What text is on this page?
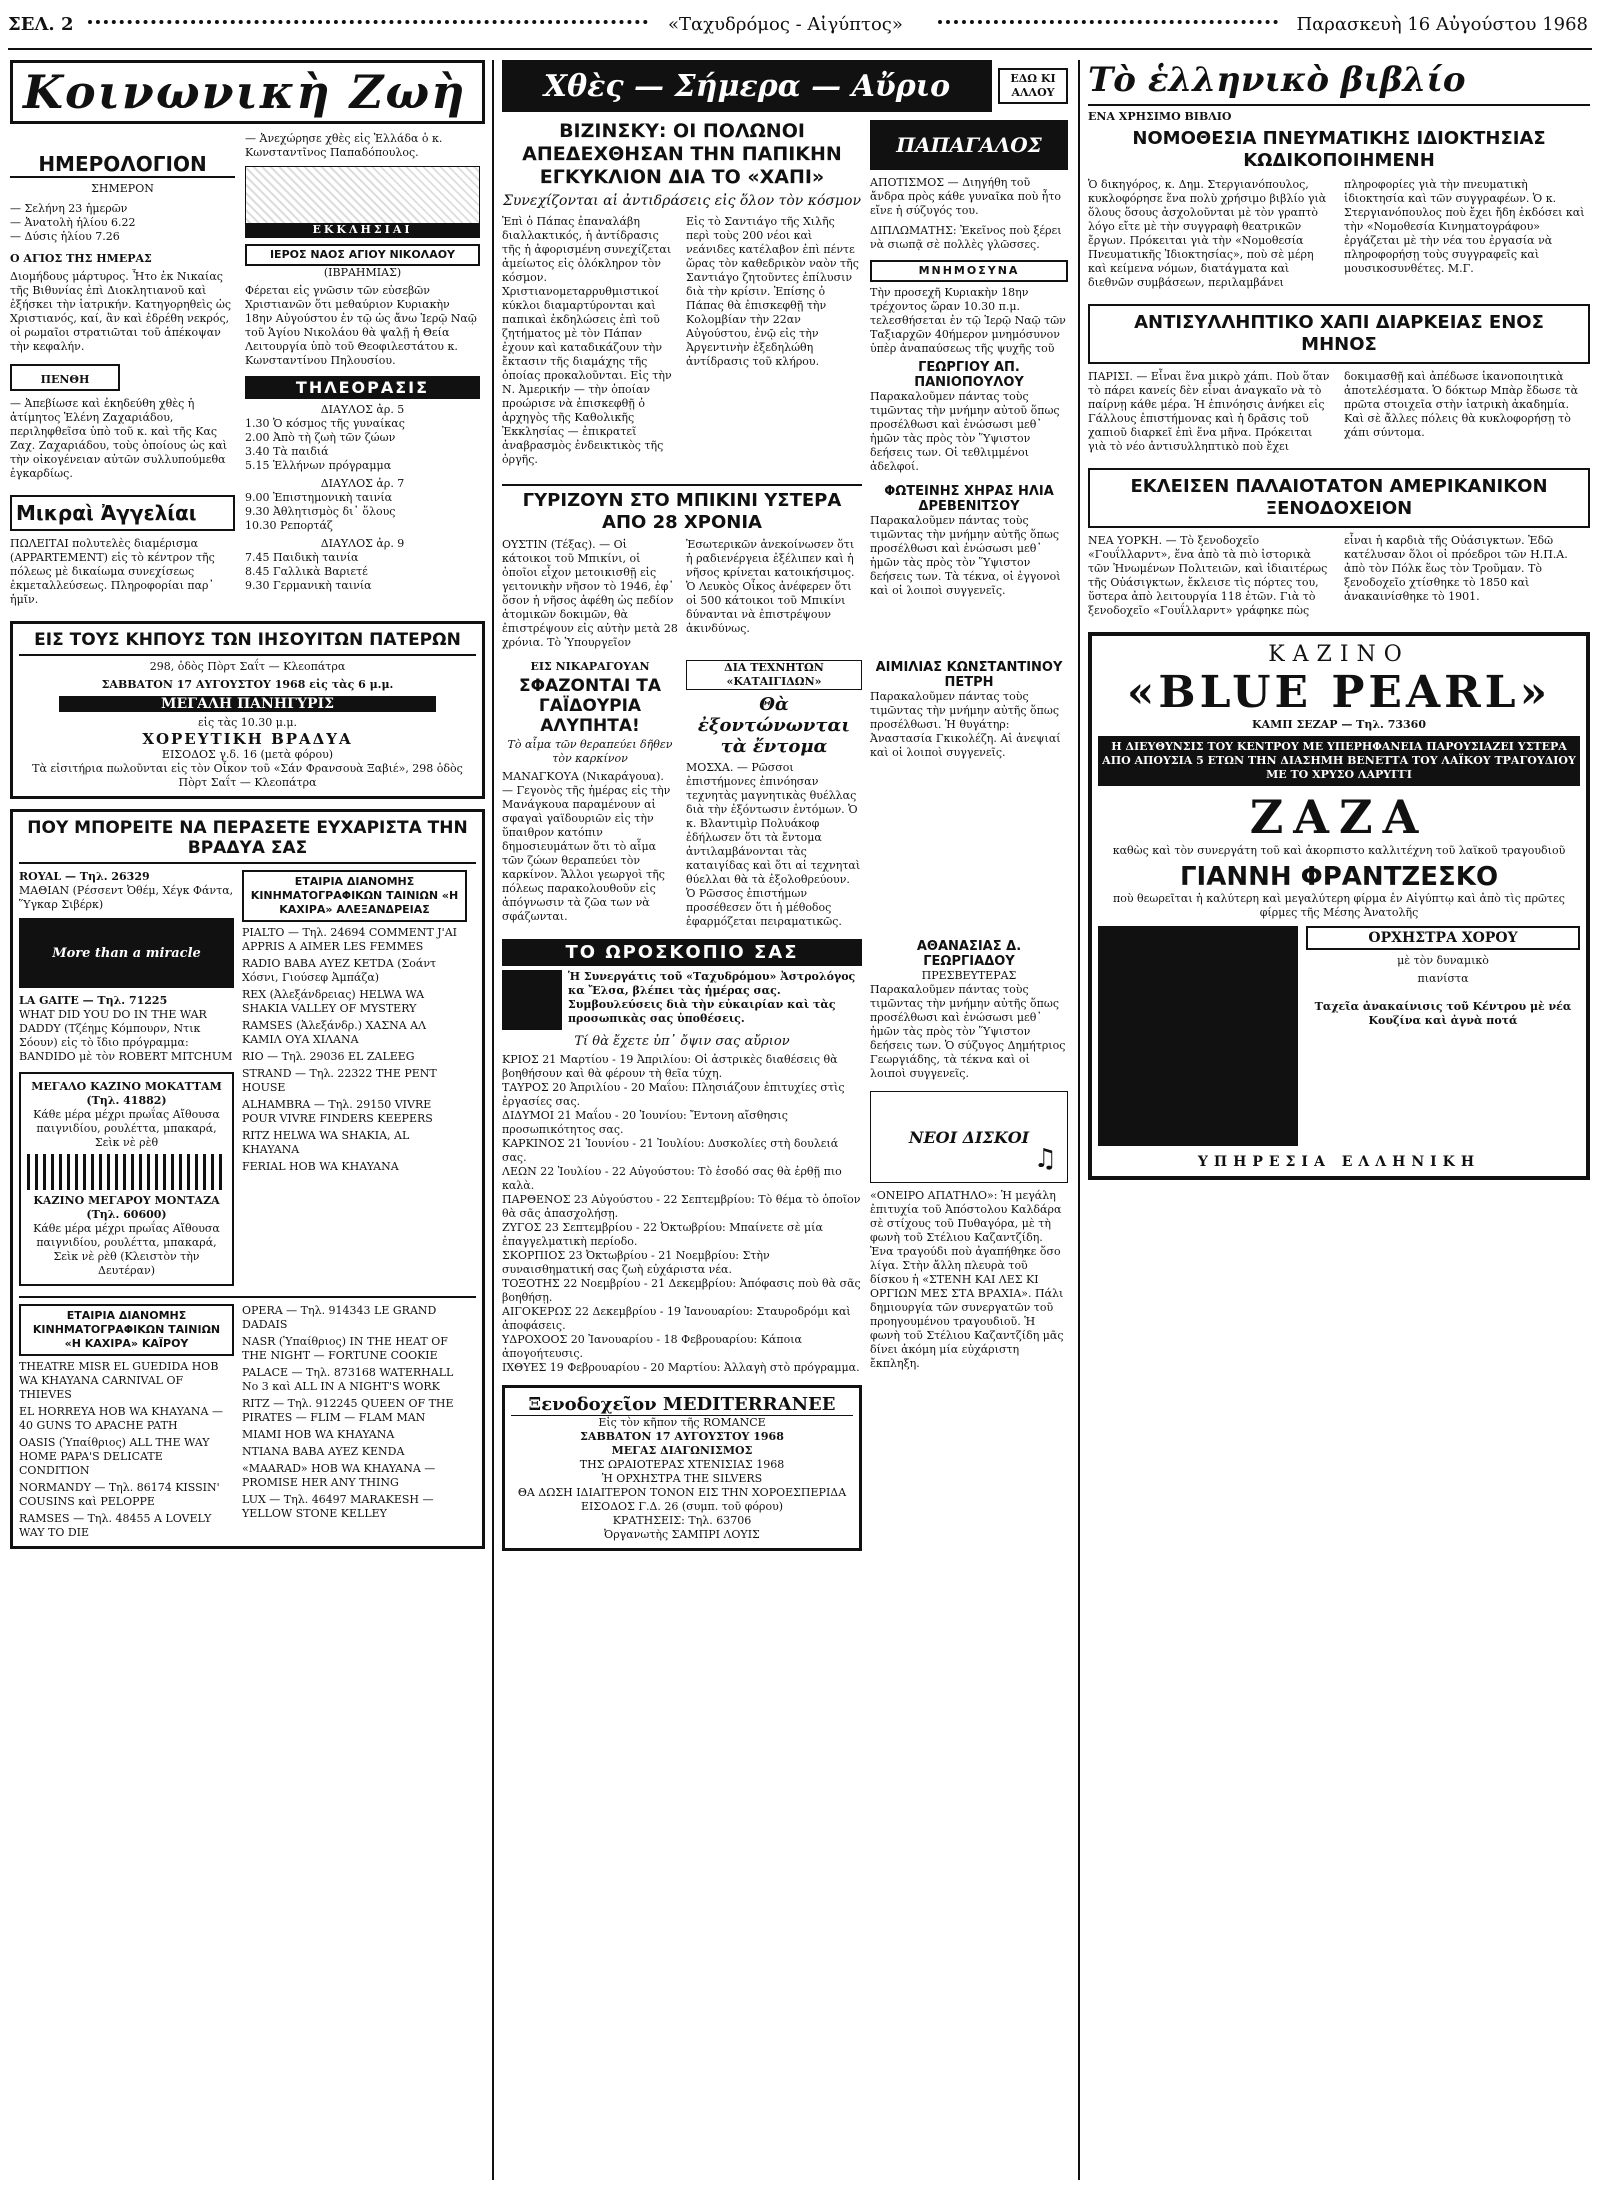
ΣΕΛ. 2	«Ταχυδρόμος - Αἰγύπτος»	Παρασκευὴ 16 Αὐγούστου 1968
Κοινωνικὴ Ζωὴ
ΗΜΕΡΟΛΟΓΙΟΝ
ΣΗΜΕΡΟΝ
— Σελήνη 23 ἡμερῶν
— Ἀνατολὴ ἡλίου 6.22
— Δύσις ἡλίου 7.26
Ο ΑΓΙΟΣ ΤΗΣ ΗΜΕΡΑΣ
Διομήδους μάρτυρος. Ἦτο ἐκ Νικαίας τῆς Βιθυνίας ἐπὶ Διοκλητιανοῦ καὶ ἐξήσκει τὴν ἰατρικήν. Κατηγορηθεὶς ὡς Χριστιανός, καί, ἂν καὶ ἐδρέθη νεκρός, οἱ ρωμαῖοι στρατιῶται τοῦ ἀπέκοψαν τὴν κεφαλήν.
ΠΕΝΘΗ
— Ἀπεβίωσε καὶ ἐκηδεύθη χθὲς ἡ ἀτίμητος Ἑλένη Ζαχαριάδου, περιληφθεῖσα ὑπὸ τοῦ κ. καὶ τῆς Κας Ζαχ. Ζαχαριάδου, τοὺς ὁποίους ὡς καὶ τὴν οἰκογένειαν αὐτῶν συλλυπούμεθα ἐγκαρδίως.
Μικραὶ Ἀγγελίαι
ΠΩΛΕΙΤΑΙ πολυτελὲς διαμέρισμα (APPARTEMENT) εἰς τὸ κέντρον τῆς πόλεως μὲ δικαίωμα συνεχίσεως ἐκμεταλλεύσεως. Πληροφορίαι παρ᾽ ἡμῖν.
— Ἀνεχώρησε χθὲς εἰς Ἑλλάδα ὁ κ. Κωνσταντῖνος Παπαδόπουλος.
ΕΚΚΛΗΣΙΑΙ
ΙΕΡΟΣ ΝΑΟΣ ΑΓΙΟΥ ΝΙΚΟΛΑΟΥ
(ΙΒΡΑΗΜΙΑΣ)
Φέρεται εἰς γνῶσιν τῶν εὐσεβῶν Χριστιανῶν ὅτι μεθαύριον Κυριακὴν 18ην Αὐγούστου ἐν τῷ ὡς ἄνω Ἱερῷ Ναῷ τοῦ Ἁγίου Νικολάου θὰ ψαλῇ ἡ Θεία Λειτουργία ὑπὸ τοῦ Θεοφιλεστάτου κ. Κωνσταντίνου Πηλουσίου.
ΤΗΛΕΟΡΑΣΙΣ
ΔΙΑΥΛΟΣ ἀρ. 5
1.30 Ὁ κόσμος τῆς γυναίκας
2.00 Ἀπὸ τὴ ζωὴ τῶν ζώων
3.40 Τὰ παιδιά
5.15 Ἑλλήνων πρόγραμμα
ΔΙΑΥΛΟΣ ἀρ. 7
9.00 Ἐπιστημονικὴ ταινία
9.30 Ἀθλητισμὸς δι᾽ ὅλους
10.30 Ρεπορτάζ
ΔΙΑΥΛΟΣ ἀρ. 9
7.45 Παιδικὴ ταινία
8.45 Γαλλικὰ Βαριετέ
9.30 Γερμανικὴ ταινία
ΕΙΣ ΤΟΥΣ ΚΗΠΟΥΣ ΤΩΝ ΙΗΣΟΥΙΤΩΝ ΠΑΤΕΡΩΝ
298, ὁδὸς Πὸρτ Σαΐτ — Κλεοπάτρα
ΣΑΒΒΑΤΟΝ 17 ΑΥΓΟΥΣΤΟΥ 1968 εἰς τὰς 6 μ.μ.
ΜΕΓΑΛΗ ΠΑΝΗΓΥΡΙΣ
εἰς τὰς 10.30 μ.μ.
ΧΟΡΕΥΤΙΚΗ ΒΡΑΔΥΑ
ΕΙΣΟΔΟΣ γ.δ. 16 (μετὰ φόρου)
Τὰ εἰσιτήρια πωλοῦνται εἰς τὸν Οἶκον τοῦ «Σάν Φρανσουὰ Ξαβιέ», 298 ὁδὸς Πὸρτ Σαΐτ — Κλεοπάτρα
ΠΟΥ ΜΠΟΡΕΙΤΕ ΝΑ ΠΕΡΑΣΕΤΕ ΕΥΧΑΡΙΣΤΑ ΤΗΝ ΒΡΑΔΥΑ ΣΑΣ
ROYAL — Τηλ. 26329
ΜΑΘΙΑΝ (Ρέσσεντ Ὀθέμ, Χέγκ Φάντα, Ὕγκαρ Σιβέρκ)
More than a miracle
LA GAITE — Τηλ. 71225
WHAT DID YOU DO IN THE WAR DADDY (Τζέημς Κόμπουρν, Ντικ Σόουν) εἰς τὸ ἴδιο πρόγραμμα: BANDIDO μὲ τὸν ROBERT MITCHUM
ΜΕΓΑΛΟ ΚΑΖΙΝΟ ΜΟΚΑΤΤΑΜ (Τηλ. 41882)
Κάθε μέρα μέχρι πρωΐας Αἴθουσα παιγνιδίου, ρουλέττα, μπακαρά, Σεὶκ νὲ ρὲθ
ΚΑΖΙΝΟ ΜΕΓΑΡΟΥ ΜΟΝΤΑΖΑ (Τηλ. 60600)
Κάθε μέρα μέχρι πρωΐας Αἴθουσα παιγνιδίου, ρουλέττα, μπακαρά, Σεὶκ νὲ ρὲθ (Κλειστὸν τὴν Δευτέραν)
ΕΤΑΙΡΙΑ ΔΙΑΝΟΜΗΣ ΚΙΝΗΜΑΤΟΓΡΑΦΙΚΩΝ ΤΑΙΝΙΩΝ «Η ΚΑΧΙΡΑ» ΑΛΕΞΑΝΔΡΕΙΑΣ
PIALTO — Τηλ. 24694 COMMENT J'AI APPRIS A AIMER LES FEMMES
RADIO BABA AYEZ KETDA (Σοάντ Χόσνι, Γιούσεφ Ἀμπάζα)
REX (Ἀλεξάνδρειας) HELWA WA SHAKIA VALLEY OF MYSTERY
RAMSES (Ἀλεξάνδρ.) ΧΑΣΝΑ ΑΛ ΚΑΜΙΛ ΟΥΑ ΧΙΛΑΝΑ
RIO — Τηλ. 29036 EL ZALEEG
STRAND — Τηλ. 22322 THE PENT HOUSE
ALHAMBRA — Τηλ. 29150 VIVRE POUR VIVRE FINDERS KEEPERS
RITZ HELWA WA SHAKIA, AL KHAYANA
FERIAL HOB WA KHAYANA
ΕΤΑΙΡΙΑ ΔΙΑΝΟΜΗΣ ΚΙΝΗΜΑΤΟΓΡΑΦΙΚΩΝ ΤΑΙΝΙΩΝ «Η ΚΑΧΙΡΑ» ΚΑΪΡΟΥ
THEATRE MISR EL GUEDIDA HOB WA KHAYANA CARNIVAL OF THIEVES
EL HORREYA HOB WA KHAYANA — 40 GUNS TO APACHE PATH
OASIS (Ὑπαίθριος) ALL THE WAY HOME PAPA'S DELICATE CONDITION
NORMANDY — Τηλ. 86174 KISSIN' COUSINS καὶ PELOPPE
RAMSES — Τηλ. 48455 A LOVELY WAY TO DIE
OPERA — Τηλ. 914343 LE GRAND DADAIS
NASR (Ὑπαίθριος) IN THE HEAT OF THE NIGHT — FORTUNE COOKIE
PALACE — Τηλ. 873168 WATERHALL No 3 καὶ ALL IN A NIGHT'S WORK
RITZ — Τηλ. 912245 QUEEN OF THE PIRATES — FLIM — FLAM MAN
MIAMI HOB WA KHAYANA
NTIANA BABA AYEZ KENDA
«MAARAD» HOB WA KHAYANA — PROMISE HER ANY THING
LUX — Τηλ. 46497 MARAKESH — YELLOW STONE KELLEY
Χθὲς — Σήμερα — Αὔριο	ΕΔΩ ΚΙ ΑΛΛΟΥ
ΒΙΖΙΝΣΚΥ: ΟΙ ΠΟΛΩΝΟΙ ΑΠΕΔΕΧΘΗΣΑΝ ΤΗΝ ΠΑΠΙΚΗΝ ΕΓΚΥΚΛΙΟΝ ΔΙΑ ΤΟ «ΧΑΠΙ»
Συνεχίζονται αἱ ἀντιδράσεις εἰς ὅλον τὸν κόσμον
Ἐπὶ ὁ Πάπας ἐπαναλάβη διαλλακτικός, ἡ ἀντίδρασις τῆς ἡ ἀφορισμένη συνεχίζεται ἀμείωτος εἰς ὁλόκληρον τὸν κόσμον. Χριστιανομεταρρυθμιστικοί κύκλοι διαμαρτύρονται καὶ παπικαὶ ἐκδηλώσεις ἐπὶ τοῦ ζητήματος μὲ τὸν Πάπαν ἐχουν καὶ καταδικάζουν τὴν ἔκτασιν τῆς διαμάχης τῆς ὁποίας προκαλοῦνται. Εἰς τὴν Ν. Ἀμερικήν — τὴν ὁποίαν προώρισε νὰ ἐπισκεφθῇ ὁ ἀρχηγὸς τῆς Καθολικῆς Ἐκκλησίας — ἐπικρατεῖ ἀναβρασμὸς ἐνδεικτικὸς τῆς ὀργῆς.
Εἰς τὸ Σαντιάγο τῆς Χιλῆς περὶ τοὺς 200 νέοι καὶ νεάνιδες κατέλαβον ἐπὶ πέντε ὥρας τὸν καθεδρικὸν ναὸν τῆς Σαντιάγο ζητοῦντες ἐπίλυσιν διὰ τὴν κρίσιν. Ἐπίσης ὁ Πάπας θὰ ἐπισκεφθῇ τὴν Κολομβίαν τὴν 22αν Αὐγούστου, ἐνῷ εἰς τὴν Ἀργεντινὴν ἐξεδηλώθη ἀντίδρασις τοῦ κλήρου.
ΠΑΠΑΓΑΛΟΣ
ΑΠΟΤΙΣΜΟΣ — Διηγήθη τοῦ ἄνδρα πρὸς κάθε γυναῖκα ποὺ ἦτο εἴνε ἡ σύζυγός του.
ΔΙΠΛΩΜΑΤΗΣ: Ἐκεῖνος ποὺ ξέρει νὰ σιωπᾷ σὲ πολλὲς γλῶσσες.
ΜΝΗΜΟΣΥΝΑ
Τὴν προσεχῆ Κυριακὴν 18ην τρέχοντος ὥραν 10.30 π.μ. τελεσθήσεται ἐν τῷ Ἱερῷ Ναῷ τῶν Ταξιαρχῶν 40ήμερον μνημόσυνον ὑπὲρ ἀναπαύσεως τῆς ψυχῆς τοῦ
ΓΕΩΡΓΙΟΥ ΑΠ. ΠΑΝΙΟΠΟΥΛΟΥ
Παρακαλοῦμεν πάντας τοὺς τιμῶντας τὴν μνήμην αὐτοῦ ὅπως προσέλθωσι καὶ ἑνώσωσι μεθ᾽ ἡμῶν τὰς πρὸς τὸν Ὕψιστον δεήσεις των. Οἱ τεθλιμμένοι ἀδελφοί.
ΓΥΡΙΖΟΥΝ ΣΤΟ ΜΠΙΚΙΝΙ ΥΣΤΕΡΑ ΑΠΟ 28 ΧΡΟΝΙΑ
ΟΥΣΤΙΝ (Τέξας). — Οἱ κάτοικοι τοῦ Μπικίνι, οἱ ὁποῖοι εἶχον μετοικισθῇ εἰς γειτονικὴν νῆσον τὸ 1946, ἐφ᾽ ὅσον ἡ νῆσος ἀφέθη ὡς πεδίον ἀτομικῶν δοκιμῶν, θὰ ἐπιστρέψουν εἰς αὐτὴν μετὰ 28 χρόνια. Τὸ Ὑπουργεῖον Ἐσωτερικῶν ἀνεκοίνωσεν ὅτι ἡ ραδιενέργεια ἐξέλιπεν καὶ ἡ νῆσος κρίνεται κατοικήσιμος. Ὁ Λευκὸς Οἶκος ἀνέφερεν ὅτι οἱ 500 κάτοικοι τοῦ Μπικίνι δύνανται νὰ ἐπιστρέψουν ἀκινδύνως.
ΦΩΤΕΙΝΗΣ ΧΗΡΑΣ ΗΛΙΑ ΔΡΕΒΕΝΙΤΣΟΥ
Παρακαλοῦμεν πάντας τοὺς τιμῶντας τὴν μνήμην αὐτῆς ὅπως προσέλθωσι καὶ ἑνώσωσι μεθ᾽ ἡμῶν τὰς πρὸς τὸν Ὕψιστον δεήσεις των. Τὰ τέκνα, οἱ ἐγγονοὶ καὶ οἱ λοιποὶ συγγενεῖς.
ΕΙΣ ΝΙΚΑΡΑΓΟΥΑΝ
ΣΦΑΖΟΝΤΑΙ ΤΑ ΓΑΪΔΟΥΡΙΑ ΑΛΥΠΗΤΑ!
Τὸ αἷμα τῶν θεραπεύει δῆθεν τὸν καρκίνον
ΜΑΝΑΓΚΟΥΑ (Νικαράγουα). — Γεγονὸς τῆς ἡμέρας εἰς τὴν Μανάγκουα παραμένουν αἱ σφαγαὶ γαϊδουριῶν εἰς τὴν ὕπαιθρον κατόπιν δημοσιευμάτων ὅτι τὸ αἷμα τῶν ζώων θεραπεύει τὸν καρκίνον. Ἄλλοι γεωργοὶ τῆς πόλεως παρακολουθοῦν εἰς ἀπόγνωσιν τὰ ζῶα των νὰ σφάζωνται.
ΔΙΑ ΤΕΧΝΗΤΩΝ «ΚΑΤΑΙΓΙΔΩΝ»
Θὰ ἐξοντώνωνται τὰ ἔντομα
ΜΟΣΧΑ. — Ρῶσσοι ἐπιστήμονες ἐπινόησαν τεχνητὰς μαγνητικὰς θυέλλας διὰ τὴν ἐξόντωσιν ἐντόμων. Ὁ κ. Βλαντιμὶρ Πολυάκοφ ἐδήλωσεν ὅτι τὰ ἔντομα ἀντιλαμβάνονται τὰς καταιγίδας καὶ ὅτι αἱ τεχνηταὶ θύελλαι θὰ τὰ ἐξολοθρεύουν. Ὁ Ρῶσσος ἐπιστήμων προσέθεσεν ὅτι ἡ μέθοδος ἐφαρμόζεται πειραματικῶς.
ΑΙΜΙΛΙΑΣ ΚΩΝΣΤΑΝΤΙΝΟΥ ΠΕΤΡΗ
Παρακαλοῦμεν πάντας τοὺς τιμῶντας τὴν μνήμην αὐτῆς ὅπως προσέλθωσι. Ἡ θυγάτηρ: Ἀναστασία Γκικολέζη. Αἱ ἀνεψιαί καὶ οἱ λοιποὶ συγγενεῖς.
ΤΟ ΩΡΟΣΚΟΠΙΟ ΣΑΣ
Ἡ Συνεργάτις τοῦ «Ταχυδρόμου» Ἀστρολόγος κα Ἔλσα, βλέπει τὰς ἡμέρας σας. Συμβουλεύσεις διὰ τὴν εὐκαιρίαν καὶ τὰς προσωπικὰς σας ὑποθέσεις.
Τί θὰ ἔχετε ὑπ᾽ ὄψιν σας αὔριον
ΚΡΙΟΣ 21 Μαρτίου - 19 Ἀπριλίου: Οἱ ἀστρικὲς διαθέσεις θὰ βοηθήσουν καὶ θὰ φέρουν τὴ θεῖα τύχη.
ΤΑΥΡΟΣ 20 Ἀπριλίου - 20 Μαΐου: Πλησιάζουν ἐπιτυχίες στὶς ἐργασίες σας.
ΔΙΔΥΜΟΙ 21 Μαΐου - 20 Ἰουνίου: Ἔντονη αἴσθησις προσωπικότητος σας.
ΚΑΡΚΙΝΟΣ 21 Ἰουνίου - 21 Ἰουλίου: Δυσκολίες στὴ δουλειά σας.
ΛΕΩΝ 22 Ἰουλίου - 22 Αὐγούστου: Τὸ ἑσοδό σας θὰ ἐρθῇ πιο καλὰ.
ΠΑΡΘΕΝΟΣ 23 Αὐγούστου - 22 Σεπτεμβρίου: Τὸ θέμα τὸ ὁποῖον θὰ σᾶς ἀπασχολήσῃ.
ΖΥΓΟΣ 23 Σεπτεμβρίου - 22 Ὀκτωβρίου: Μπαίνετε σὲ μία ἐπαγγελματικὴ περίοδο.
ΣΚΟΡΠΙΟΣ 23 Ὀκτωβρίου - 21 Νοεμβρίου: Στὴν συναισθηματική σας ζωὴ εὐχάριστα νέα.
ΤΟΞΟΤΗΣ 22 Νοεμβρίου - 21 Δεκεμβρίου: Ἀπόφασις ποὺ θὰ σᾶς βοηθήσῃ.
ΑΙΓΟΚΕΡΩΣ 22 Δεκεμβρίου - 19 Ἰανουαρίου: Σταυροδρόμι καὶ ἀποφάσεις.
ΥΔΡΟΧΟΟΣ 20 Ἰανουαρίου - 18 Φεβρουαρίου: Κάποια ἀπογοήτευσις.
ΙΧΘΥΕΣ 19 Φεβρουαρίου - 20 Μαρτίου: Ἀλλαγὴ στὸ πρόγραμμα.
Ξενοδοχεῖον MEDITERRANEE
Εἰς τὸν κῆπον τῆς ROMANCE
ΣΑΒΒΑΤΟΝ 17 ΑΥΓΟΥΣΤΟΥ 1968
ΜΕΓΑΣ ΔΙΑΓΩΝΙΣΜΟΣ
ΤΗΣ ΩΡΑΙΟΤΕΡΑΣ ΧΤΕΝΙΣΙΑΣ 1968
Ἡ ΟΡΧΗΣΤΡΑ THE SILVERS
ΘΑ ΔΩΣΗ ΙΔΙΑΙΤΕΡΟΝ ΤΟΝΟΝ ΕΙΣ ΤΗΝ ΧΟΡΟΕΣΠΕΡΙΔΑ
ΕΙΣΟΔΟΣ Γ.Δ. 26 (συμπ. τοῦ φόρου)
ΚΡΑΤΗΣΕΙΣ: Τηλ. 63706
Ὀργανωτὴς ΣΑΜΠΡΙ ΛΟΥΙΣ
ΑΘΑΝΑΣΙΑΣ Δ. ΓΕΩΡΓΙΑΔΟΥ
ΠΡΕΣΒΕΥΤΕΡΑΣ
Παρακαλοῦμεν πάντας τοὺς τιμῶντας τὴν μνήμην αὐτῆς ὅπως προσέλθωσι καὶ ἑνώσωσι μεθ᾽ ἡμῶν τὰς πρὸς τὸν Ὕψιστον δεήσεις των. Ὁ σύζυγος Δημήτριος Γεωργιάδης, τὰ τέκνα καὶ οἱ λοιποὶ συγγενεῖς.
ΝΕΟΙ ΔΙΣΚΟΙ
♫
«ΟΝΕΙΡΟ ΑΠΑΤΗΛΟ»: Ἡ μεγάλη ἐπιτυχία τοῦ Ἀπόστολου Καλδάρα σὲ στίχους τοῦ Πυθαγόρα, μὲ τὴ φωνὴ τοῦ Στέλιου Καζαντζίδη. Ἐνα τραγούδι ποὺ ἀγαπήθηκε ὅσο λίγα. Στὴν ἄλλη πλευρὰ τοῦ δίσκου ἡ «ΣΤΕΝΗ ΚΑΙ ΛΕΣ ΚΙ ΟΡΓΙΩΝ ΜΕΣ ΣΤΑ ΒΡΑΧΙΑ». Πάλι δημιουργία τῶν συνεργατῶν τοῦ προηγουμένου τραγουδιοῦ. Ἡ φωνὴ τοῦ Στέλιου Καζαντζίδη μᾶς δίνει ἀκόμη μία εὐχάριστη ἔκπληξη.
Τὸ ἑλληνικὸ βιβλίο
ΕΝΑ ΧΡΗΣΙΜΟ ΒΙΒΛΙΟ
ΝΟΜΟΘΕΣΙΑ ΠΝΕΥΜΑΤΙΚΗΣ ΙΔΙΟΚΤΗΣΙΑΣ ΚΩΔΙΚΟΠΟΙΗΜΕΝΗ
Ὁ δικηγόρος, κ. Δημ. Στεργιανόπουλος, κυκλοφόρησε ἕνα πολὺ χρήσιμο βιβλίο γιὰ ὅλους ὅσους ἀσχολοῦνται μὲ τὸν γραπτὸ λόγο εἴτε μὲ τὴν συγγραφὴ θεατρικῶν ἔργων. Πρόκειται γιὰ τὴν «Νομοθεσία Πνευματικῆς Ἰδιοκτησίας», ποὺ σὲ μέρη καὶ κείμενα νόμων, διατάγματα καὶ διεθνῶν συμβάσεων, περιλαμβάνει πληροφορίες γιὰ τὴν πνευματικὴ ἰδιοκτησία καὶ τῶν συγγραφέων. Ὁ κ. Στεργιανόπουλος ποὺ ἔχει ἤδη ἐκδόσει καὶ τὴν «Νομοθεσία Κινηματογράφου» ἐργάζεται μὲ τὴν νέα του ἐργασία νὰ πληροφορήσῃ τοὺς συγγραφεῖς καὶ μουσικοσυνθέτες. Μ.Γ.
ΑΝΤΙΣΥΛΛΗΠΤΙΚΟ ΧΑΠΙ ΔΙΑΡΚΕΙΑΣ ΕΝΟΣ ΜΗΝΟΣ
ΠΑΡΙΣΙ. — Εἶναι ἕνα μικρὸ χάπι. Ποὺ ὅταν τὸ πάρει κανείς δὲν εἶναι ἀναγκαῖο νὰ τὸ παίρνῃ κάθε μέρα. Ἡ ἐπινόησις ἀνήκει εἰς Γάλλους ἐπιστήμονας καὶ ἡ δρᾶσις τοῦ χαπιοῦ διαρκεῖ ἐπὶ ἕνα μῆνα. Πρόκειται γιὰ τὸ νέο ἀντισυλληπτικὸ ποὺ ἔχει δοκιμασθῇ καὶ ἀπέδωσε ἱκανοποιητικὰ ἀποτελέσματα. Ὁ δόκτωρ Μπὰρ ἔδωσε τὰ πρῶτα στοιχεῖα στὴν ἰατρικὴ ἀκαδημία. Καὶ σὲ ἄλλες πόλεις θὰ κυκλοφορήσῃ τὸ χάπι σύντομα.
ΕΚΛΕΙΣΕΝ ΠΑΛΑΙΟΤΑΤΟΝ ΑΜΕΡΙΚΑΝΙΚΟΝ ΞΕΝΟΔΟΧΕΙΟΝ
ΝΕΑ ΥΟΡΚΗ. — Τὸ ξενοδοχεῖο «Γουΐλλαρντ», ἕνα ἀπὸ τὰ πιὸ ἱστορικὰ τῶν Ἡνωμένων Πολιτειῶν, καὶ ἰδιαιτέρως τῆς Οὐάσιγκτων, ἔκλεισε τὶς πόρτες του, ὕστερα ἀπὸ λειτουργία 118 ἐτῶν. Γιὰ τὸ ξενοδοχεῖο «Γουΐλλαρντ» γράφηκε πὼς εἶναι ἡ καρδιὰ τῆς Οὐάσιγκτων. Ἐδῶ κατέλυσαν ὅλοι οἱ πρόεδροι τῶν Η.Π.Α. ἀπὸ τὸν Πόλκ ἕως τὸν Τροῦμαν. Τὸ ξενοδοχεῖο χτίσθηκε τὸ 1850 καὶ ἀνακαινίσθηκε τὸ 1901.
ΚΑΖΙΝΟ
«BLUE PEARL»
ΚΑΜΠ ΣΕΖΑΡ — Τηλ. 73360
Η ΔΙΕΥΘΥΝΣΙΣ ΤΟΥ ΚΕΝΤΡΟΥ ΜΕ ΥΠΕΡΗΦΑΝΕΙΑ ΠΑΡΟΥΣΙΑΖΕΙ ΥΣΤΕΡΑ ΑΠΟ ΑΠΟΥΣΙΑ 5 ΕΤΩΝ ΤΗΝ ΔΙΑΣΗΜΗ ΒΕΝΕΤΤΑ ΤΟΥ ΛΑΪΚΟΥ ΤΡΑΓΟΥΔΙΟΥ ΜΕ ΤΟ ΧΡΥΣΟ ΛΑΡΥΓΓΙ
ΖΑΖΑ
καθὼς καὶ τὸν συνεργάτη τοῦ καὶ ἀκορπιστο καλλιτέχνη τοῦ λαϊκοῦ τραγουδιοῦ
ΓΙΑΝΝΗ ΦΡΑΝΤΖΕΣΚΟ
ποὺ θεωρεῖται ἡ καλύτερη καὶ μεγαλύτερη φίρμα ἐν Αἰγύπτῳ καὶ ἀπὸ τὶς πρῶτες φίρμες τῆς Μέσης Ἀνατολῆς
ΟΡΧΗΣΤΡΑ ΧΟΡΟΥ
μὲ τὸν δυναμικὸ
πιανίστα
Ταχεῖα ἀνακαίνισις τοῦ Κέντρου μὲ νέα Κουζίνα καὶ ἀγνὰ ποτά
ΥΠΗΡΕΣΙΑ ΕΛΛΗΝΙΚΗ
